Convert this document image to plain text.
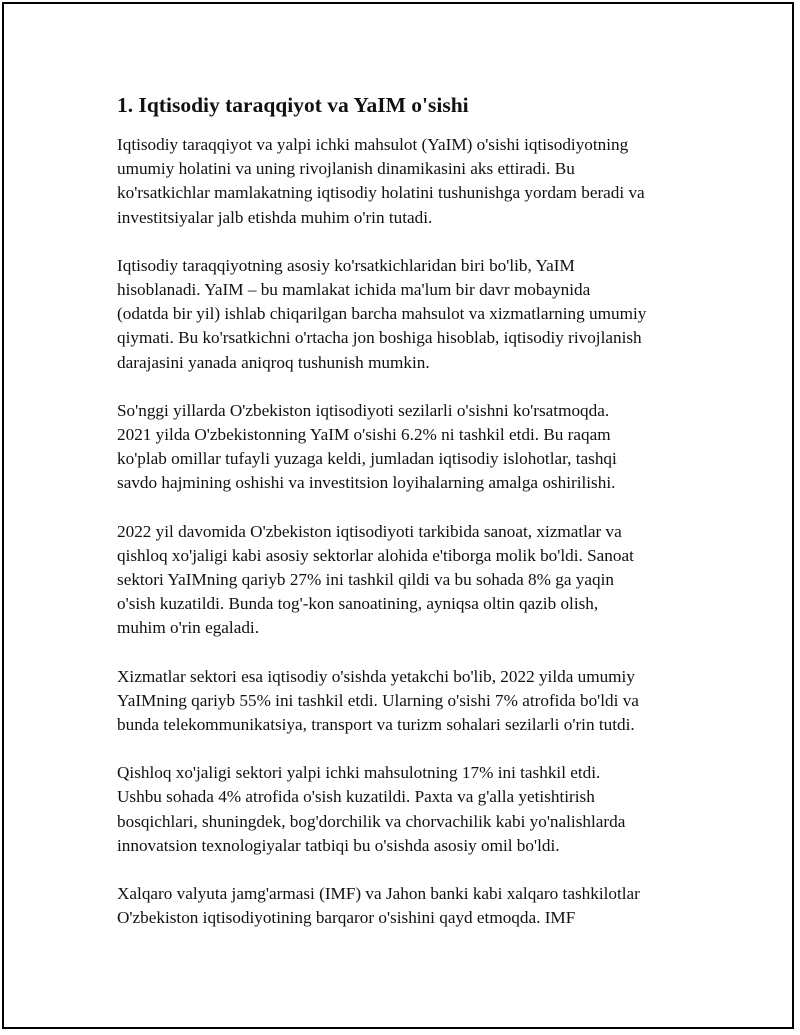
1. Iqtisodiy taraqqiyot va YaIM o'sishi

Iqtisodiy taraqqiyot va yalpi ichki mahsulot (YaIM) o'sishi iqtisodiyotning
umumiy holatini va uning rivojlanish dinamikasini aks ettiradi. Bu
ko'rsatkichlar mamlakatning iqtisodiy holatini tushunishga yordam beradi va
investitsiyalar jalb etishda muhim o'rin tutadi.

Iqtisodiy taraqqiyotning asosiy ko'rsatkichlaridan biri bo'lib, YaIM
hisoblanadi. YaIM – bu mamlakat ichida ma'lum bir davr mobaynida
(odatda bir yil) ishlab chiqarilgan barcha mahsulot va xizmatlarning umumiy
qiymati. Bu ko'rsatkichni o'rtacha jon boshiga hisoblab, iqtisodiy rivojlanish
darajasini yanada aniqroq tushunish mumkin.

So'nggi yillarda O'zbekiston iqtisodiyoti sezilarli o'sishni ko'rsatmoqda.
2021 yilda O'zbekistonning YaIM o'sishi 6.2% ni tashkil etdi. Bu raqam
ko'plab omillar tufayli yuzaga keldi, jumladan iqtisodiy islohotlar, tashqi
savdo hajmining oshishi va investitsion loyihalarning amalga oshirilishi.

2022 yil davomida O'zbekiston iqtisodiyoti tarkibida sanoat, xizmatlar va
qishloq xo'jaligi kabi asosiy sektorlar alohida e'tiborga molik bo'ldi. Sanoat
sektori YaIMning qariyb 27% ini tashkil qildi va bu sohada 8% ga yaqin
o'sish kuzatildi. Bunda tog'-kon sanoatining, ayniqsa oltin qazib olish,
muhim o'rin egaladi.

Xizmatlar sektori esa iqtisodiy o'sishda yetakchi bo'lib, 2022 yilda umumiy
YaIMning qariyb 55% ini tashkil etdi. Ularning o'sishi 7% atrofida bo'ldi va
bunda telekommunikatsiya, transport va turizm sohalari sezilarli o'rin tutdi.

Qishloq xo'jaligi sektori yalpi ichki mahsulotning 17% ini tashkil etdi.
Ushbu sohada 4% atrofida o'sish kuzatildi. Paxta va g'alla yetishtirish
bosqichlari, shuningdek, bog'dorchilik va chorvachilik kabi yo'nalishlarda
innovatsion texnologiyalar tatbiqi bu o'sishda asosiy omil bo'ldi.

Xalqaro valyuta jamg'armasi (IMF) va Jahon banki kabi xalqaro tashkilotlar
O'zbekiston iqtisodiyotining barqaror o'sishini qayd etmoqda. IMF
